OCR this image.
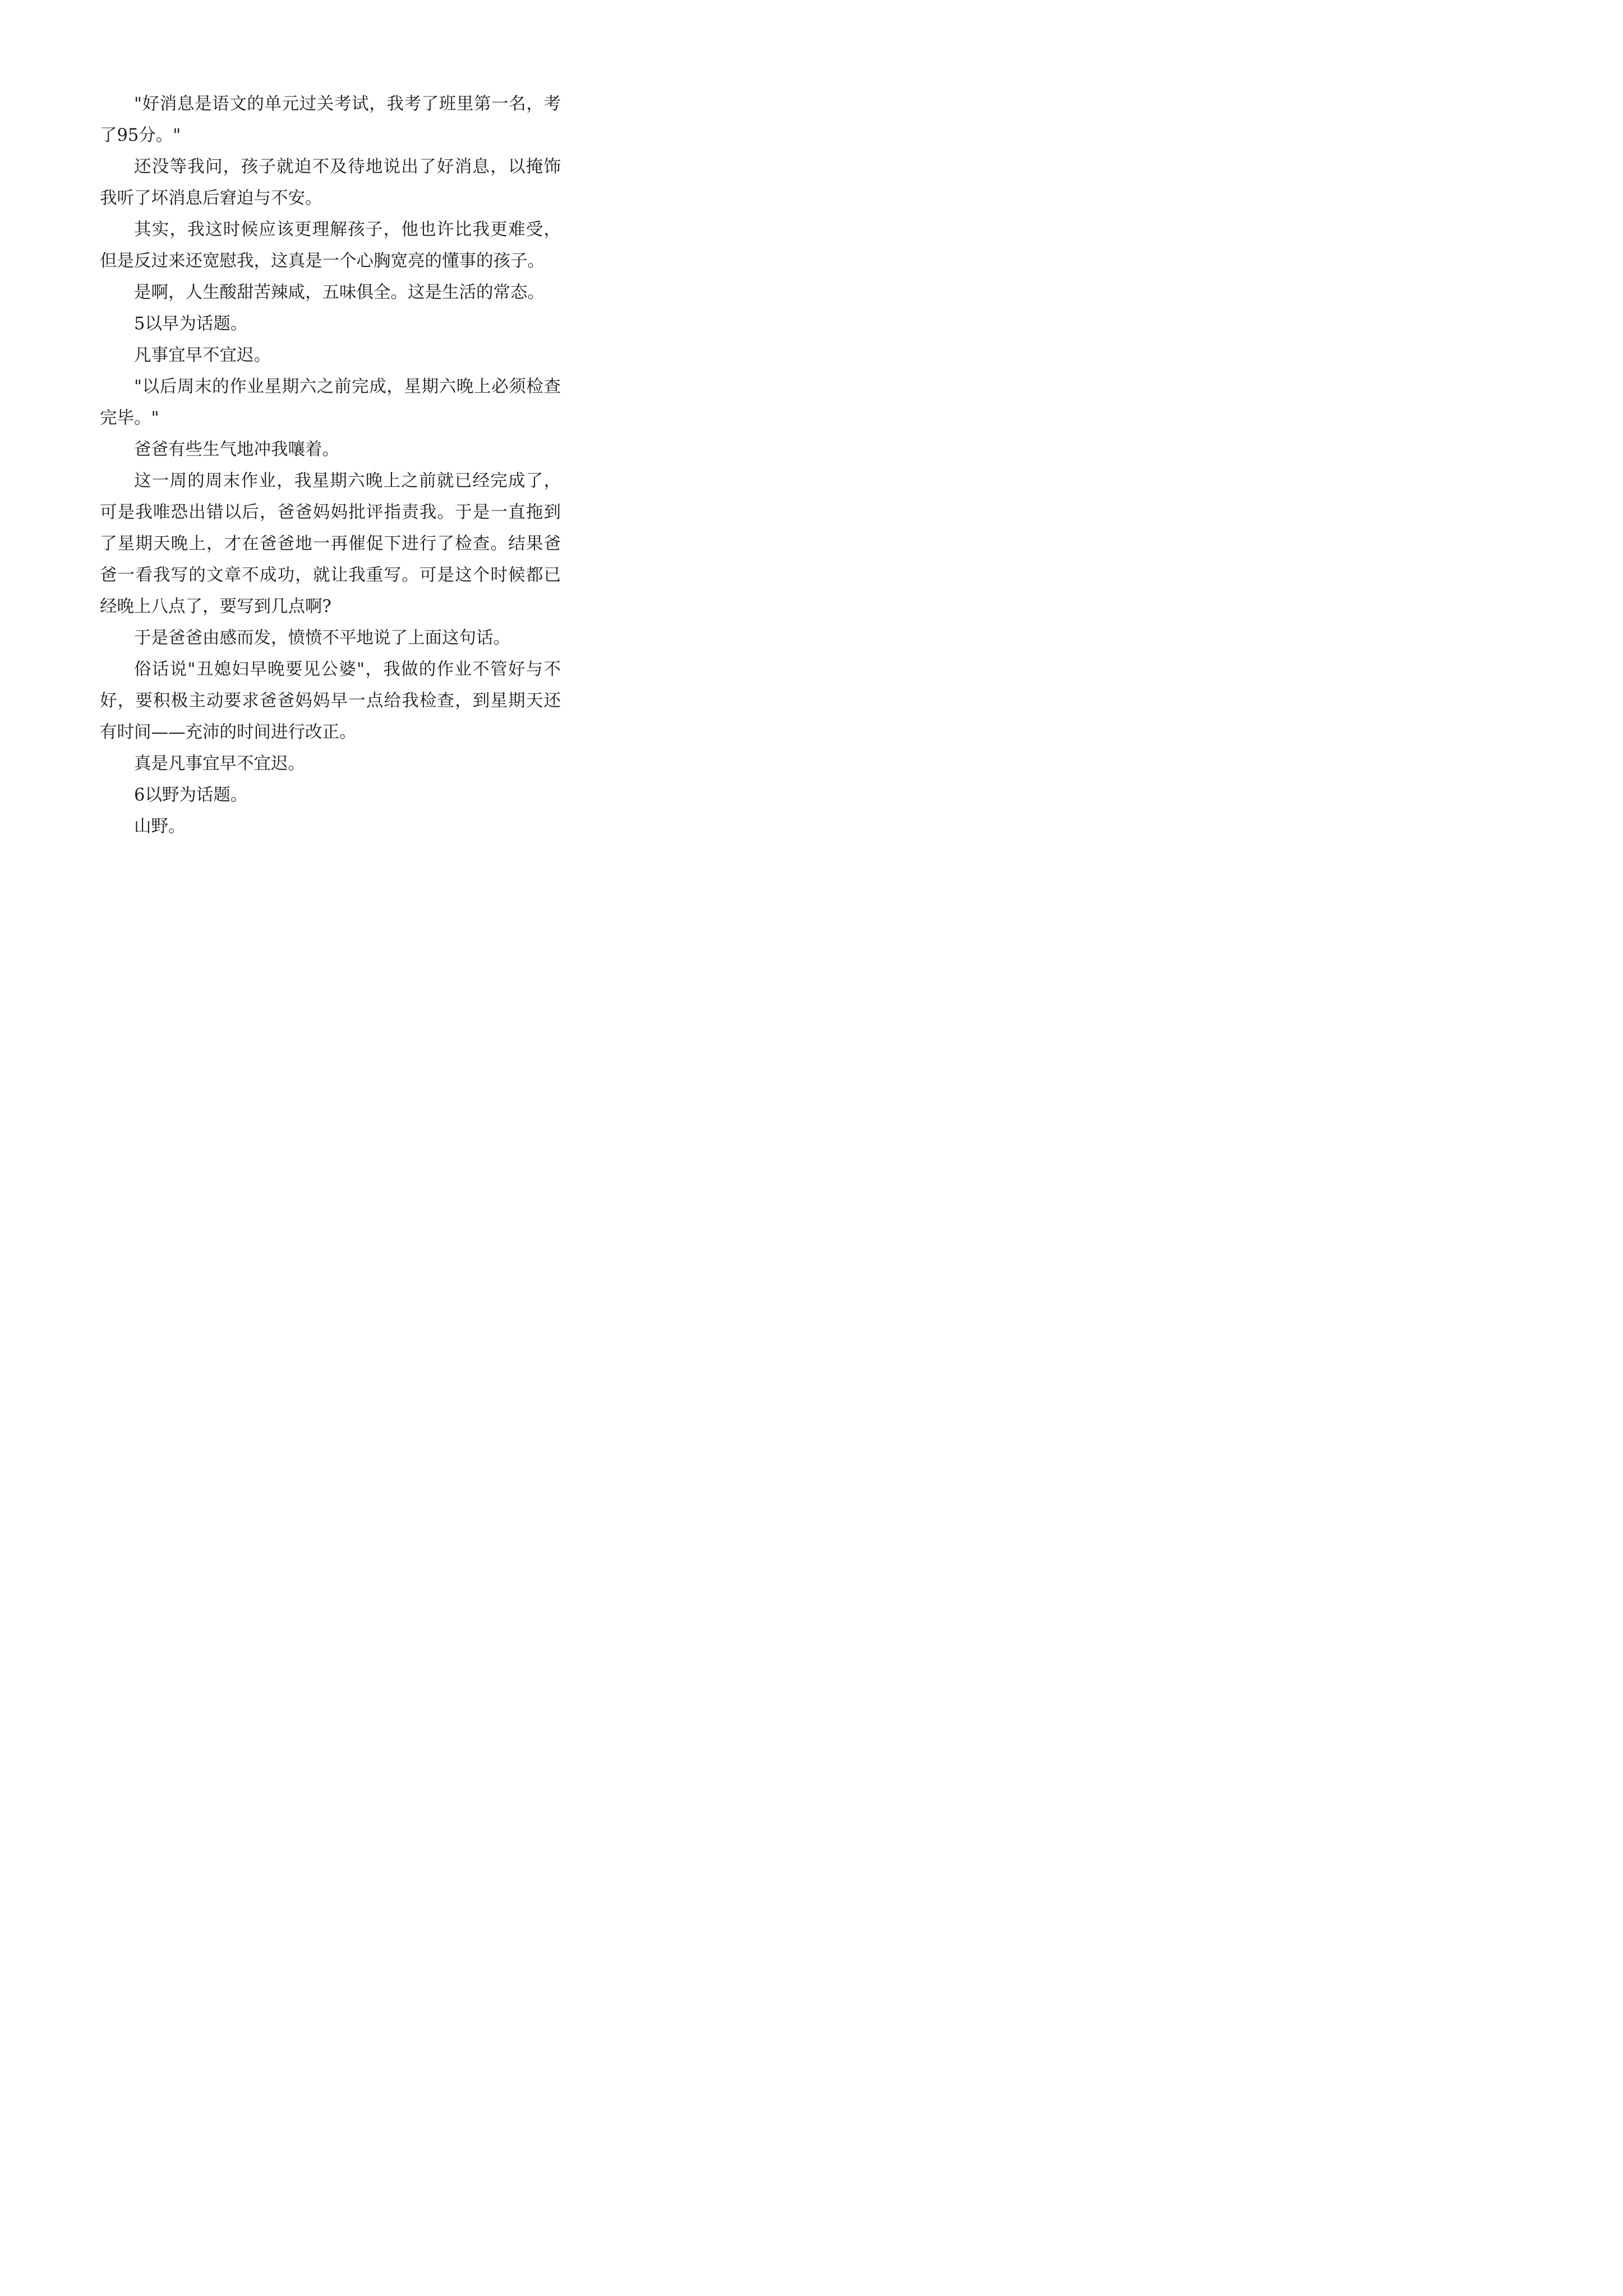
"好消息是语文的单元过关考试，我考了班里第一名，考了95分。"

还没等我问，孩子就迫不及待地说出了好消息，以掩饰我听了坏消息后窘迫与不安。

其实，我这时候应该更理解孩子，他也许比我更难受，但是反过来还宽慰我，这真是一个心胸宽亮的懂事的孩子。

是啊，人生酸甜苦辣咸，五味俱全。这是生活的常态。

5以早为话题。

凡事宜早不宜迟。

"以后周末的作业星期六之前完成，星期六晚上必须检查完毕。"

爸爸有些生气地冲我嚷着。

这一周的周末作业，我星期六晚上之前就已经完成了，可是我唯恐出错以后，爸爸妈妈批评指责我。于是一直拖到了星期天晚上，才在爸爸地一再催促下进行了检查。结果爸爸一看我写的文章不成功，就让我重写。可是这个时候都已经晚上八点了，要写到几点啊?

于是爸爸由感而发，愤愤不平地说了上面这句话。

俗话说"丑媳妇早晚要见公婆"，我做的作业不管好与不好，要积极主动要求爸爸妈妈早一点给我检查，到星期天还有时间——充沛的时间进行改正。

真是凡事宜早不宜迟。

6以野为话题。

山野。
